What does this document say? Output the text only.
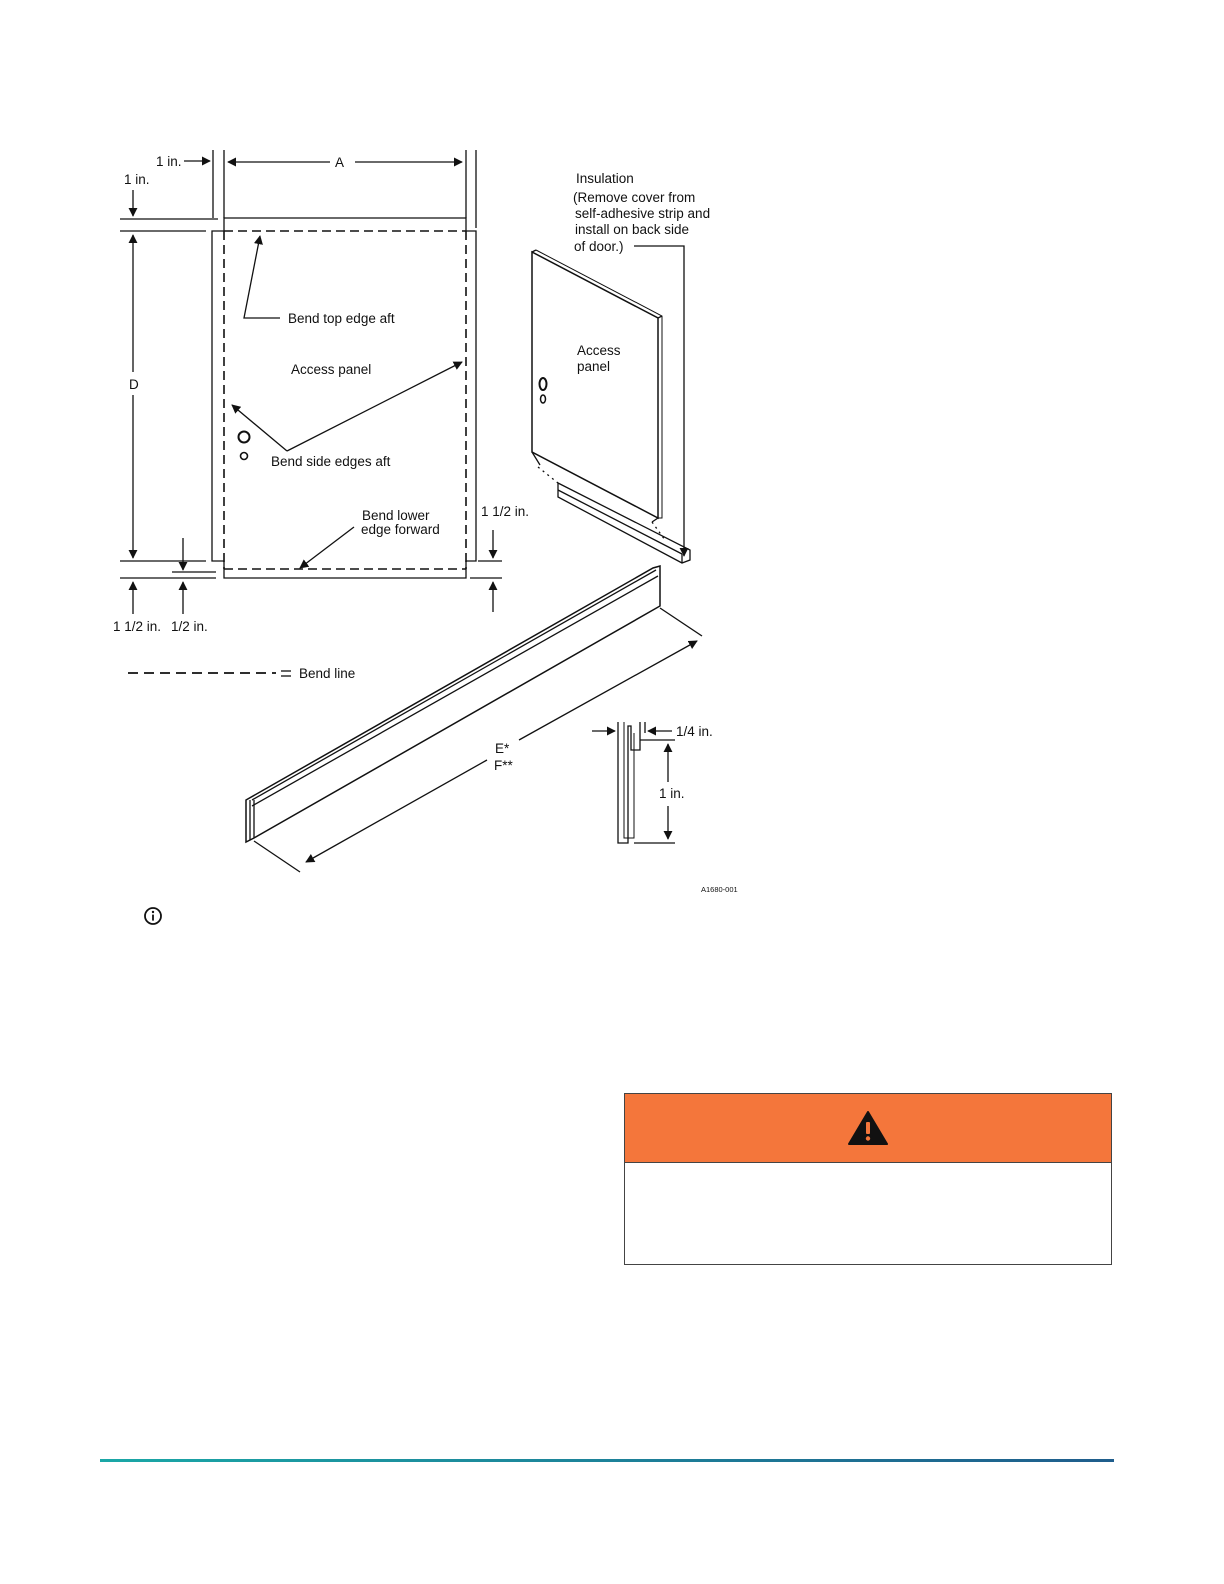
1 in.
1 in.
A
D
Bend top edge aft
Access panel
Bend side edges aft
Bend lower
edge forward
1 1/2 in.
1 1/2 in. 1/2 in.
Bend line
Insulation
(Remove cover from
self-adhesive strip and
install on back side
of door.)
Access
panel
E*
F**
1/4 in.
1 in.
A1680-001
